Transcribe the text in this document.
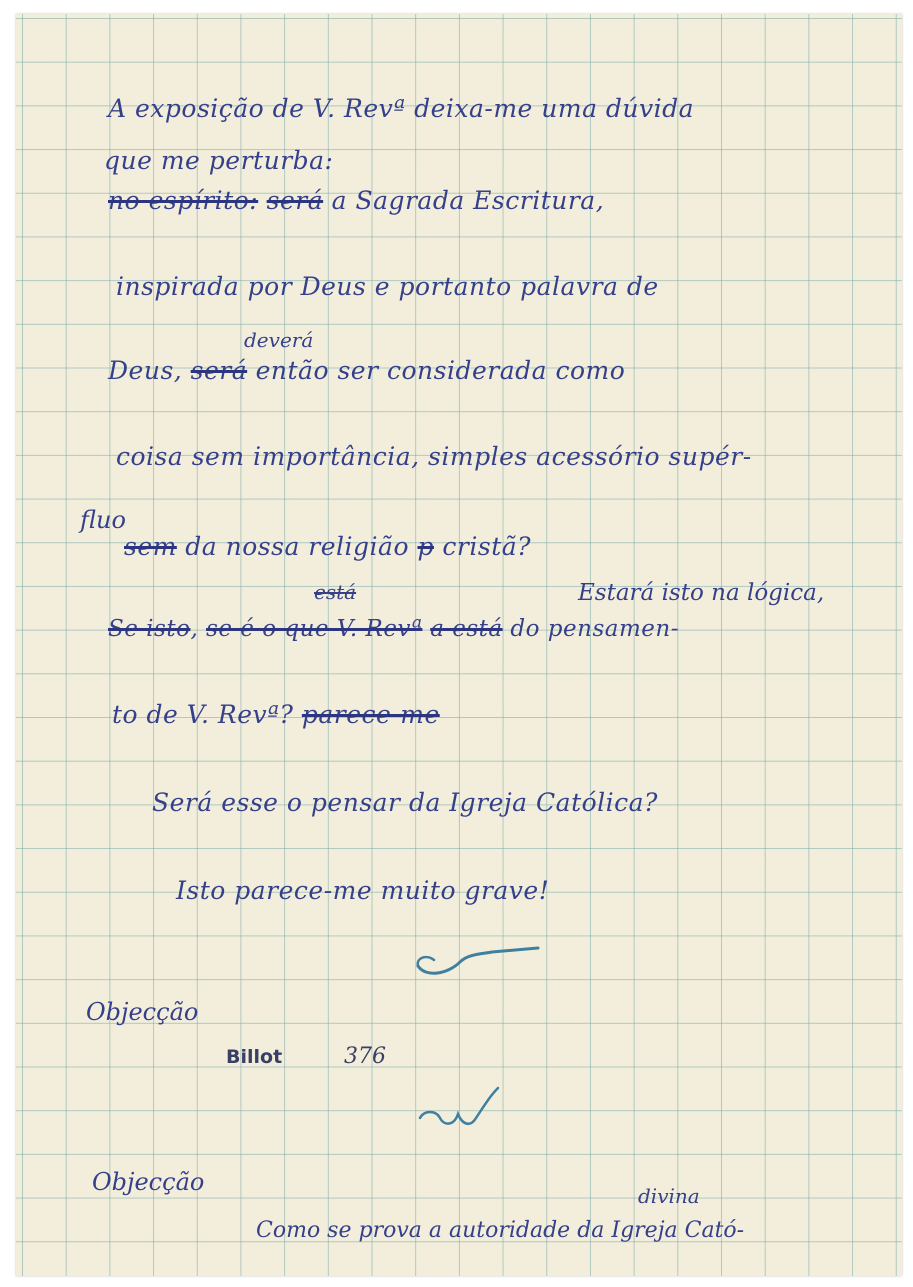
A exposição de V. Revª deixa-me uma dúvida
que me perturba:
no espírito: será a Sagrada Escritura,
inspirada por Deus e portanto palavra de
deverá
Deus, será então ser considerada como
coisa sem importância, simples acessório supér-
fluo
sem da nossa religião p cristã?
está	Estará isto na lógica,
Se isto, se é o que V. Revª a está do pensamen-
to de V. Revª? parece-me
Será esse o pensar da Igreja Católica?
Isto parece-me muito grave!
Objecção
Billot	376
Objecção	divina
Como se prova a autoridade da Igreja Cató-
